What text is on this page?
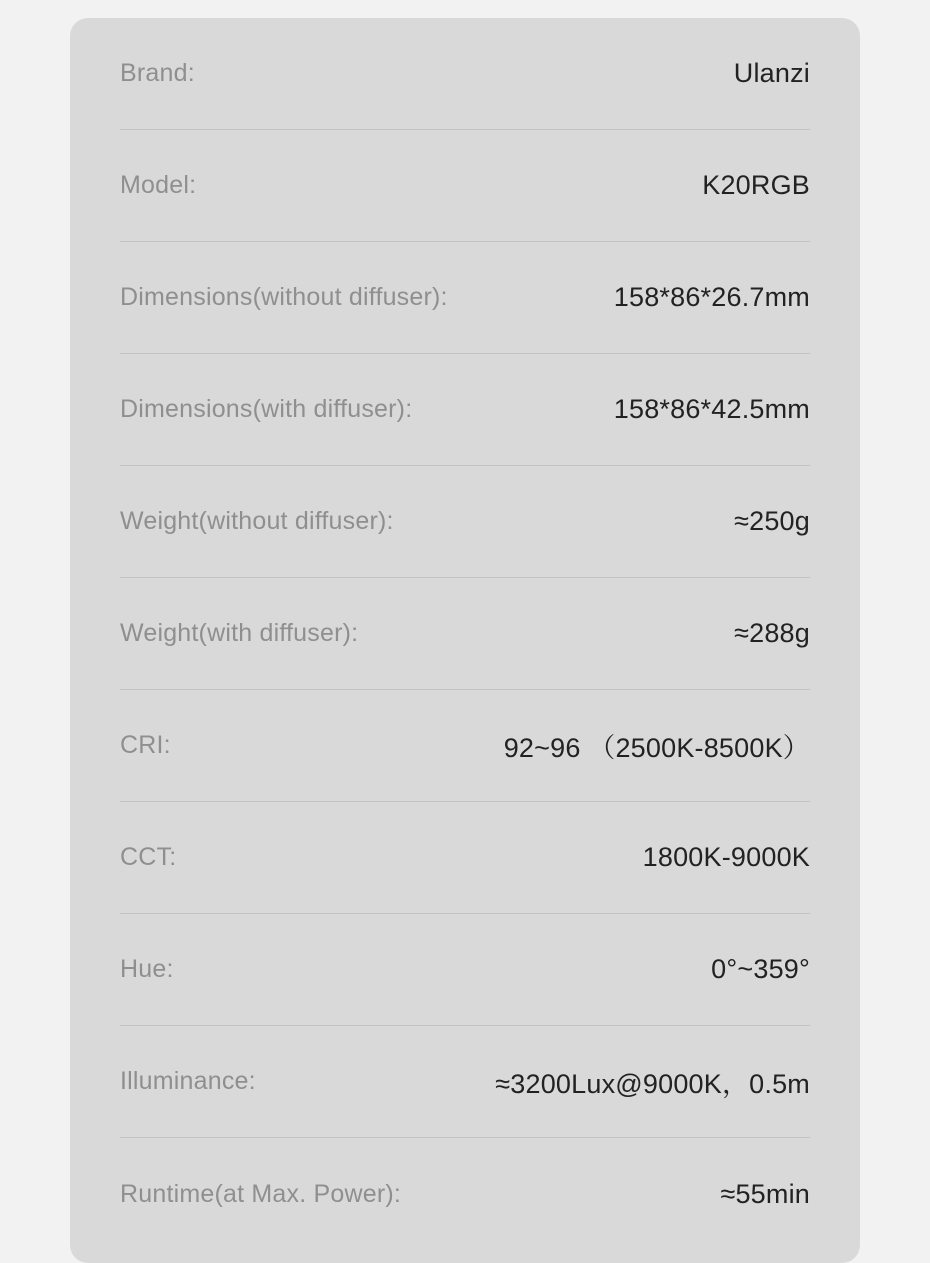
Brand:	Ulanzi
Model:	K20RGB
Dimensions(without diffuser):	158*86*26.7mm
Dimensions(with diffuser):	158*86*42.5mm
Weight(without diffuser):	≈250g
Weight(with diffuser):	≈288g
CRI:	92~96 （2500K-8500K）
CCT:	1800K-9000K
Hue:	0°~359°
Illuminance:	≈3200Lux@9000K，0.5m
Runtime(at Max. Power):	≈55min
